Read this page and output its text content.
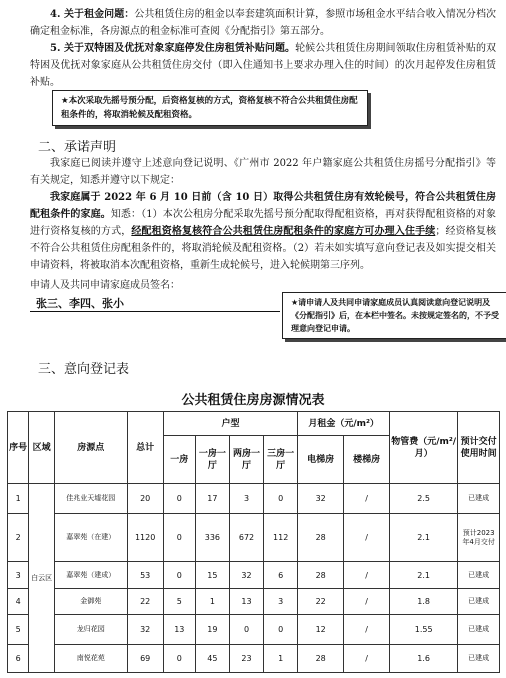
4. 关于租金问题：公共租赁住房的租金以奉套建筑面积计算，参照市场租金水平结合收入情况分档次确定租金标准，各房源点的租金标准可查阅《分配指引》第五部分。
5. 关于双特困及优抚对象家庭停发住房租赁补贴问题。轮候公共租赁住房期间领取住房租赁补贴的双特困及优抚对象家庭从公共租赁住房交付（即入住通知书上要求办理入住的时间）的次月起停发住房租赁补贴。
★本次采取先摇号预分配，后资格复核的方式，资格复核不符合公共租赁住房配租条件的，将取消轮候及配租资格。
二、承诺声明
我家庭已阅读并遵守上述意向登记说明、《广州市 2022 年户籍家庭公共租赁住房摇号分配指引》等有关规定，知悉并遵守以下规定：
我家庭属于 2022 年 6 月 10 日前（含 10 日）取得公共租赁住房有效轮候号，符合公共租赁住房配租条件的家庭。知悉：（1）本次公租房分配采取先摇号预分配取得配租资格，再对获得配租资格的对象进行资格复核的方式，经配租资格复核符合公共租赁住房配租条件的家庭方可办理入住手续；经资格复核不符合公共租赁住房配租条件的，将取消轮候及配租资格。（2）若未如实填写意向登记表及如实提交相关申请资料，将被取消本次配租资格，重新生成轮候号，进入轮候期第三序列。
申请人及共同申请家庭成员签名：
张三、李四、张小	★请申请人及共同申请家庭成员认真阅读意向登记说明及《分配指引》后，在本栏中签名。未按规定签名的，不予受理意向登记申请。
三、意向登记表
公共租赁住房房源情况表
序号	区域	房源点	总计	户型				月租金（元/m²）		物管费（元/m²/月）	预计交付使用时间
				一房	一房一厅	两房一厅	三房一厅	电梯房	楼梯房		
1	白云区	佳兆业天墟花园	20	0	17	3	0	32	/	2.5	已建成
2		嘉翠苑（在建）	1120	0	336	672	112	28	/	2.1	预计2023年4月交付
3		嘉翠苑（建成）	53	0	15	32	6	28	/	2.1	已建成
4		金御苑	22	5	1	13	3	22	/	1.8	已建成
5		龙归花园	32	13	19	0	0	12	/	1.55	已建成
6		南悦花苑	69	0	45	23	1	28	/	1.6	已建成
